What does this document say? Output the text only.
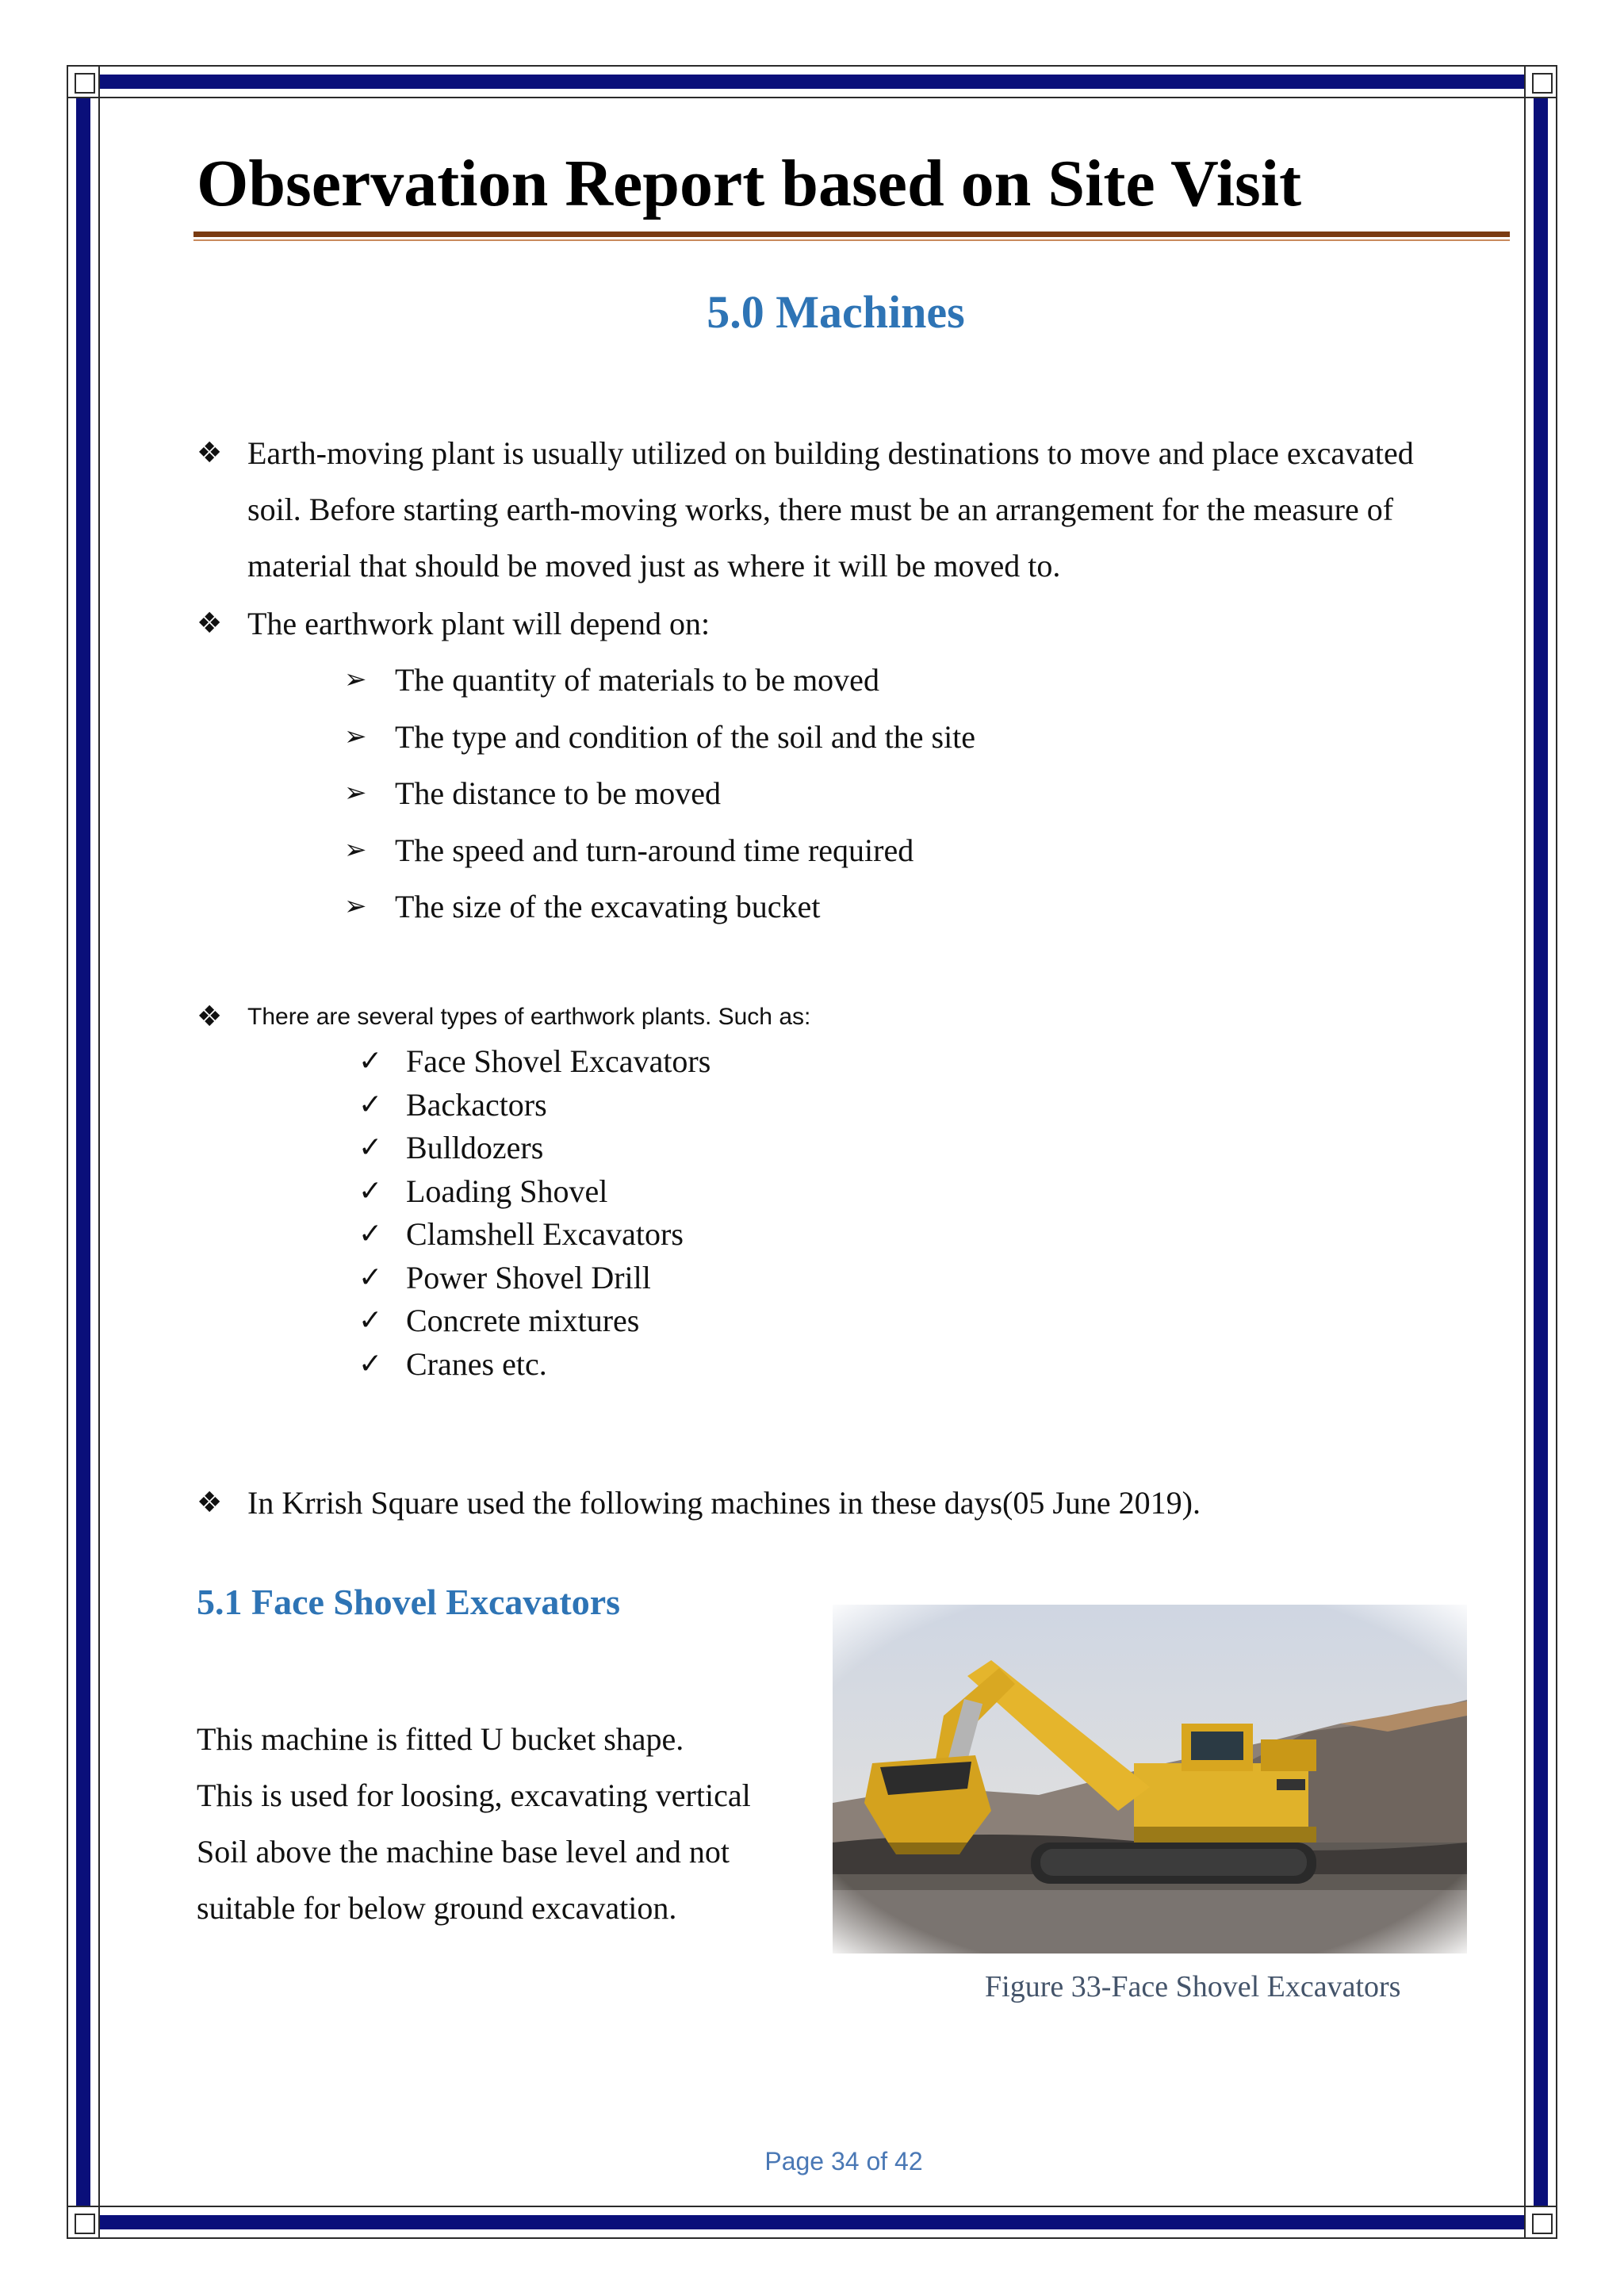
Observation Report based on Site Visit
5.0 Machines
❖ Earth-moving plant is usually utilized on building destinations to move and place excavated
soil. Before starting earth-moving works, there must be an arrangement for the measure of
material that should be moved just as where it will be moved to.
❖ The earthwork plant will depend on:
➢ The quantity of materials to be moved
➢ The type and condition of the soil and the site
➢ The distance to be moved
➢ The speed and turn-around time required
➢ The size of the excavating bucket
❖	There are several types of earthwork plants. Such as:
✓ Face Shovel Excavators
✓ Backactors
✓ Bulldozers
✓ Loading Shovel
✓ Clamshell Excavators
✓ Power Shovel Drill
✓ Concrete mixtures
✓ Cranes etc.
❖ In Krrish Square used the following machines in these days(05 June 2019).
5.1 Face Shovel Excavators
This machine is fitted U bucket shape.
This is used for loosing, excavating vertical
Soil above the machine base level and not
suitable for below ground excavation.
Figure 33-Face Shovel Excavators
Page 34 of 42
